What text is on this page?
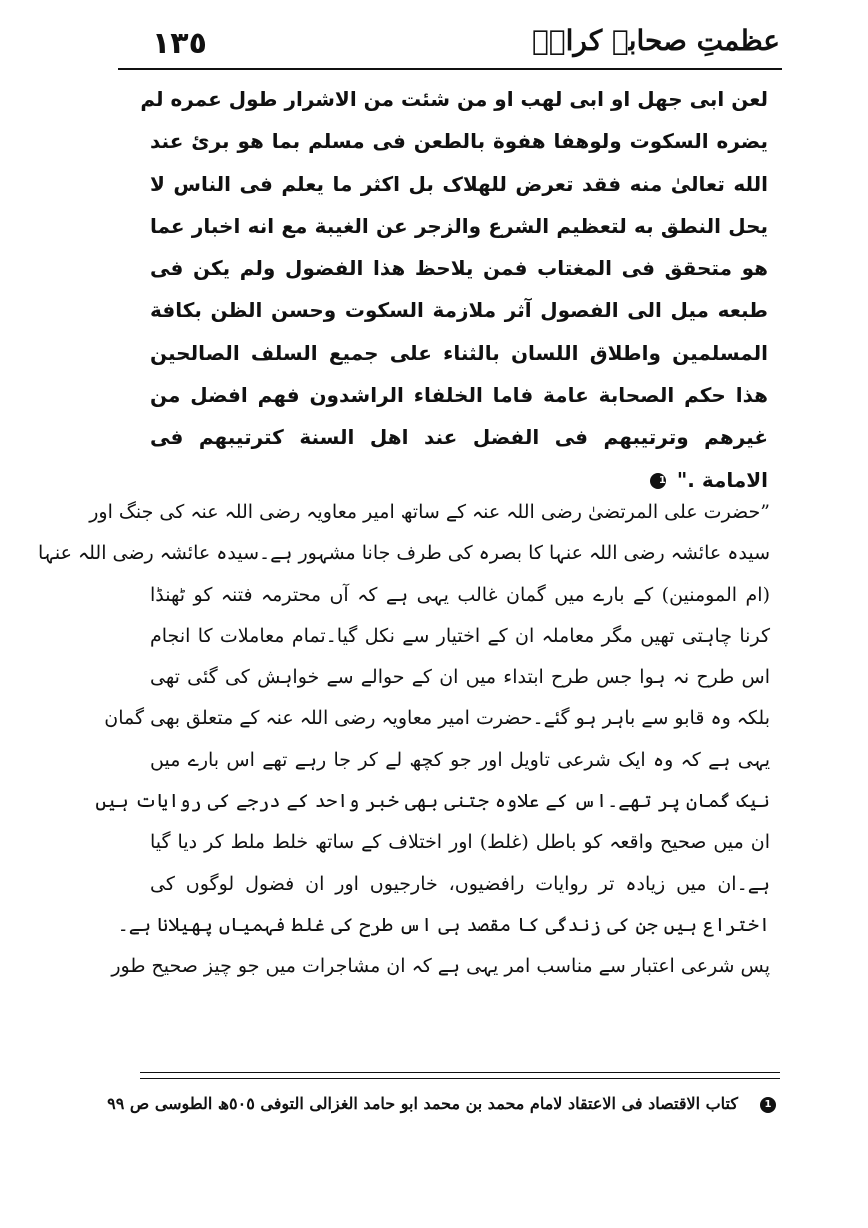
١٣٥	عظمتِ صحابہ کرامؓ
لعن ابی جهل او ابی لهب او من شئت من الاشرار طول عمره لم
یضره السکوت ولوهفا هفوة بالطعن فی مسلم بما هو بریٔ عند
الله تعالیٰ منه فقد تعرض للهلاک بل اکثر ما یعلم فی الناس لا
یحل النطق به لتعظیم الشرع والزجر عن الغیبة مع انه اخبار عما
هو متحقق فی المغتاب فمن یلاحظ هذا الفضول ولم یکن فی
طبعه میل الی الفصول آثر ملازمة السکوت وحسن الظن بکافة
المسلمین واطلاق اللسان بالثناء علی جمیع السلف الصالحین
هذا حکم الصحابة عامة فاما الخلفاء الراشدون فهم افضل من
غیرهم وترتیبهم فی الفضل عند اهل السنة کترتیبهم فی
الامامة ." 1
”حضرت علی المرتضیٰ رضی اللہ عنہ کے ساتھ امیر معاویہ رضی اللہ عنہ کی جنگ اور
سیدہ عائشہ رضی اللہ عنہا کا بصرہ کی طرف جانا مشہور ہے۔سیدہ عائشہ رضی اللہ عنہا
(ام المومنین) کے بارے میں گمان غالب یہی ہے کہ آں محترمہ فتنہ کو ٹھنڈا
کرنا چاہتی تھیں مگر معاملہ ان کے اختیار سے نکل گیا۔تمام معاملات کا انجام
اس طرح نہ ہوا جس طرح ابتداء میں ان کے حوالے سے خواہش کی گئی تھی
بلکہ وہ قابو سے باہر ہو گئے۔حضرت امیر معاویہ رضی اللہ عنہ کے متعلق بھی گمان
یہی ہے کہ وہ ایک شرعی تاویل اور جو کچھ لے کر جا رہے تھے اس بارے میں
نیک گمان پر تھے۔اس کے علاوہ جتنی بھی خبر واحد کے درجے کی روایات ہیں
ان میں صحیح واقعہ کو باطل (غلط) اور اختلاف کے ساتھ خلط ملط کر دیا گیا
ہے۔ان میں زیادہ تر روایات رافضیوں، خارجیوں اور ان فضول لوگوں کی
اختراع ہیں جن کی زندگی کا مقصد ہی اس طرح کی غلط فہمیاں پھیلانا ہے۔
پس شرعی اعتبار سے مناسب امر یہی ہے کہ ان مشاجرات میں جو چیز صحیح طور
1
کتاب الاقتصاد فی الاعتقاد لامام محمد بن محمد ابو حامد الغزالی التوفی ٥٠٥ھ الطوسی ص ٩٩
